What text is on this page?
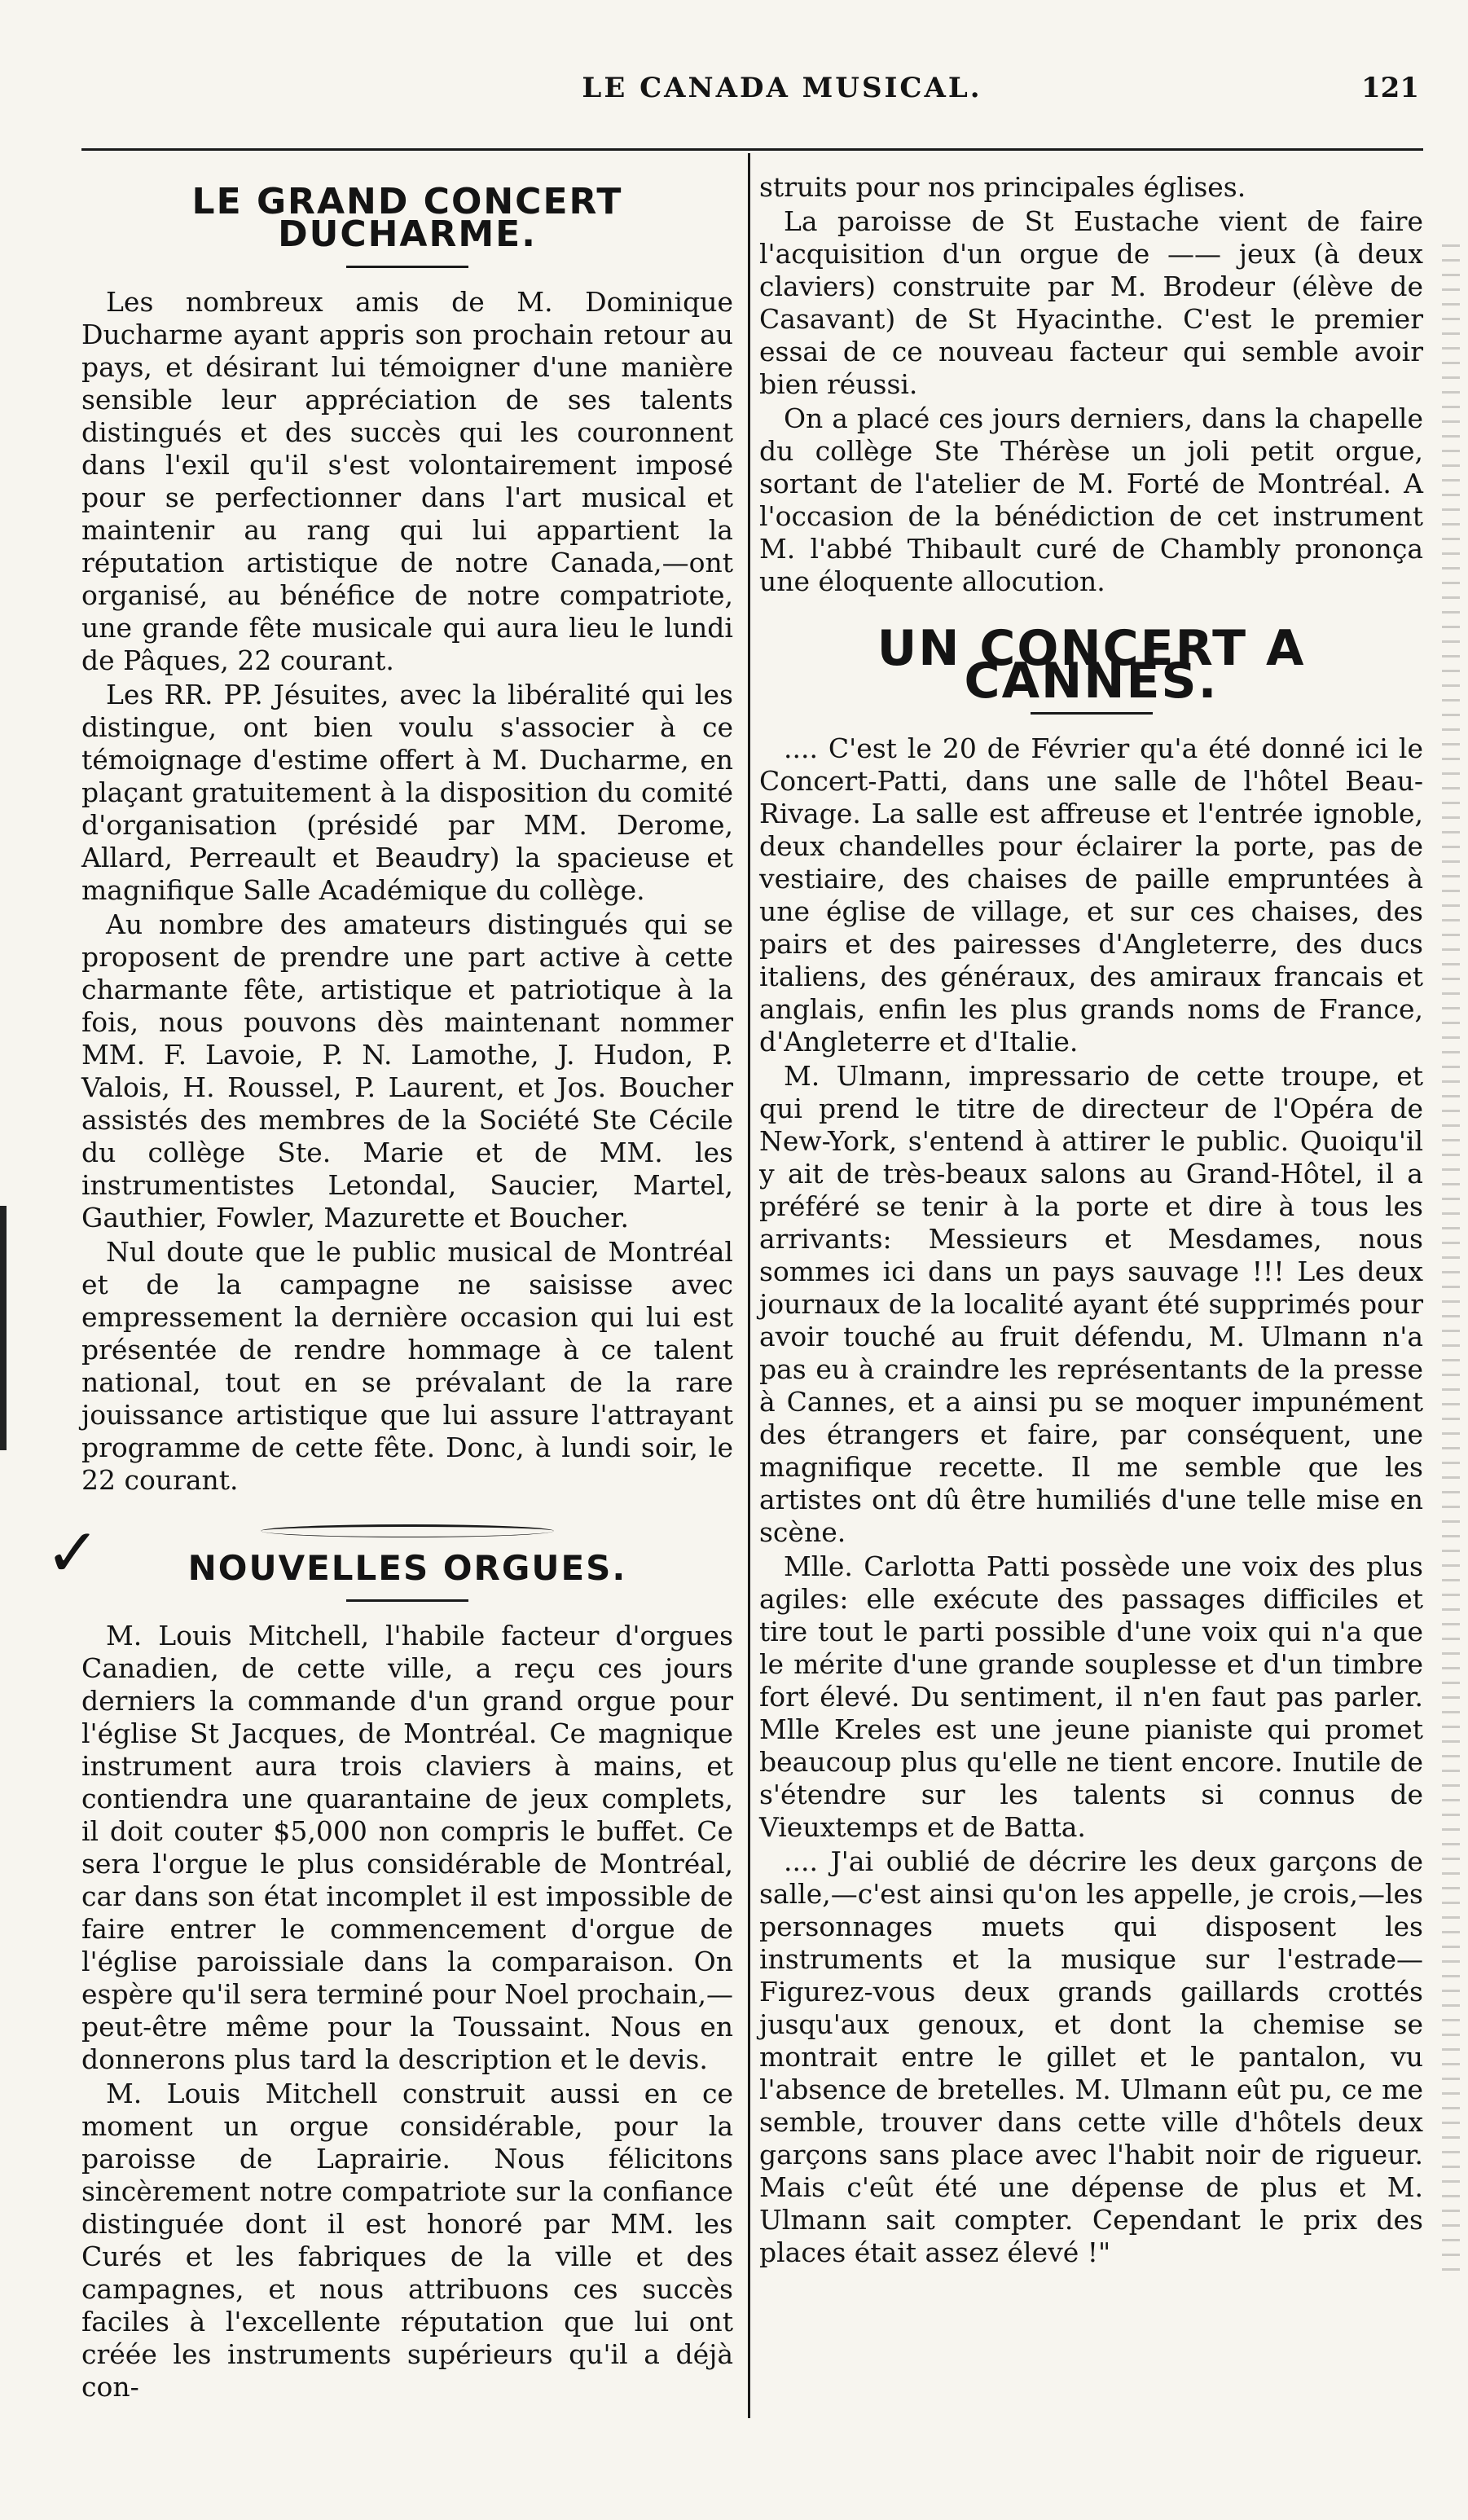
LE CANADA MUSICAL.	121
LE GRAND CONCERT DUCHARME.

Les nombreux amis de M. Dominique Ducharme ayant appris son prochain retour au pays, et désirant lui témoigner d'une manière sensible leur appréciation de ses talents distingués et des succès qui les couronnent dans l'exil qu'il s'est volontairement imposé pour se perfectionner dans l'art musical et maintenir au rang qui lui appartient la réputation artistique de notre Canada,—ont organisé, au bénéfice de notre compatriote, une grande fête musicale qui aura lieu le lundi de Pâques, 22 courant.

Les RR. PP. Jésuites, avec la libéralité qui les distingue, ont bien voulu s'associer à ce témoignage d'estime offert à M. Ducharme, en plaçant gratuitement à la disposition du comité d'organisation (présidé par MM. Derome, Allard, Perreault et Beaudry) la spacieuse et magnifique Salle Académique du collège.

Au nombre des amateurs distingués qui se proposent de prendre une part active à cette charmante fête, artistique et patriotique à la fois, nous pouvons dès maintenant nommer MM. F. Lavoie, P. N. Lamothe, J. Hudon, P. Valois, H. Roussel, P. Laurent, et Jos. Boucher assistés des membres de la Société Ste Cécile du collège Ste. Marie et de MM. les instrumentistes Letondal, Saucier, Martel, Gauthier, Fowler, Mazurette et Boucher.

Nul doute que le public musical de Montréal et de la campagne ne saisisse avec empressement la dernière occasion qui lui est présentée de rendre hommage à ce talent national, tout en se prévalant de la rare jouissance artistique que lui assure l'attrayant programme de cette fête. Donc, à lundi soir, le 22 courant.

✓	NOUVELLES ORGUES.

M. Louis Mitchell, l'habile facteur d'orgues Canadien, de cette ville, a reçu ces jours derniers la commande d'un grand orgue pour l'église St Jacques, de Montréal. Ce magnique instrument aura trois claviers à mains, et contiendra une quarantaine de jeux complets, il doit couter $5,000 non compris le buffet. Ce sera l'orgue le plus considérable de Montréal, car dans son état incomplet il est impossible de faire entrer le commencement d'orgue de l'église paroissiale dans la comparaison. On espère qu'il sera terminé pour Noel prochain,—peut-être même pour la Toussaint. Nous en donnerons plus tard la description et le devis.

M. Louis Mitchell construit aussi en ce moment un orgue considérable, pour la paroisse de Laprairie. Nous félicitons sincèrement notre compatriote sur la confiance distinguée dont il est honoré par MM. les Curés et les fabriques de la ville et des campagnes, et nous attribuons ces succès faciles à l'excellente réputation que lui ont créée les instruments supérieurs qu'il a déjà con-

struits pour nos principales églises.

La paroisse de St Eustache vient de faire l'acquisition d'un orgue de —— jeux (à deux claviers) construite par M. Brodeur (élève de Casavant) de St Hyacinthe. C'est le premier essai de ce nouveau facteur qui semble avoir bien réussi.

On a placé ces jours derniers, dans la chapelle du collège Ste Thérèse un joli petit orgue, sortant de l'atelier de M. Forté de Montréal. A l'occasion de la bénédiction de cet instrument M. l'abbé Thibault curé de Chambly prononça une éloquente allocution.

UN CONCERT A CANNES.

.... C'est le 20 de Février qu'a été donné ici le Concert-Patti, dans une salle de l'hôtel Beau-Rivage. La salle est affreuse et l'entrée ignoble, deux chandelles pour éclairer la porte, pas de vestiaire, des chaises de paille empruntées à une église de village, et sur ces chaises, des pairs et des pairesses d'Angleterre, des ducs italiens, des généraux, des amiraux francais et anglais, enfin les plus grands noms de France, d'Angleterre et d'Italie.

M. Ulmann, impressario de cette troupe, et qui prend le titre de directeur de l'Opéra de New-York, s'entend à attirer le public. Quoiqu'il y ait de très-beaux salons au Grand-Hôtel, il a préféré se tenir à la porte et dire à tous les arrivants: Messieurs et Mesdames, nous sommes ici dans un pays sauvage !!! Les deux journaux de la localité ayant été supprimés pour avoir touché au fruit défendu, M. Ulmann n'a pas eu à craindre les représentants de la presse à Cannes, et a ainsi pu se moquer impunément des étrangers et faire, par conséquent, une magnifique recette. Il me semble que les artistes ont dû être humiliés d'une telle mise en scène.

Mlle. Carlotta Patti possède une voix des plus agiles: elle exécute des passages difficiles et tire tout le parti possible d'une voix qui n'a que le mérite d'une grande souplesse et d'un timbre fort élevé. Du sentiment, il n'en faut pas parler. Mlle Kreles est une jeune pianiste qui promet beaucoup plus qu'elle ne tient encore. Inutile de s'étendre sur les talents si connus de Vieuxtemps et de Batta.

.... J'ai oublié de décrire les deux garçons de salle,—c'est ainsi qu'on les appelle, je crois,—les personnages muets qui disposent les instruments et la musique sur l'estrade—Figurez-vous deux grands gaillards crottés jusqu'aux genoux, et dont la chemise se montrait entre le gillet et le pantalon, vu l'absence de bretelles. M. Ulmann eût pu, ce me semble, trouver dans cette ville d'hôtels deux garçons sans place avec l'habit noir de rigueur. Mais c'eût été une dépense de plus et M. Ulmann sait compter. Cependant le prix des places était assez élevé !"
